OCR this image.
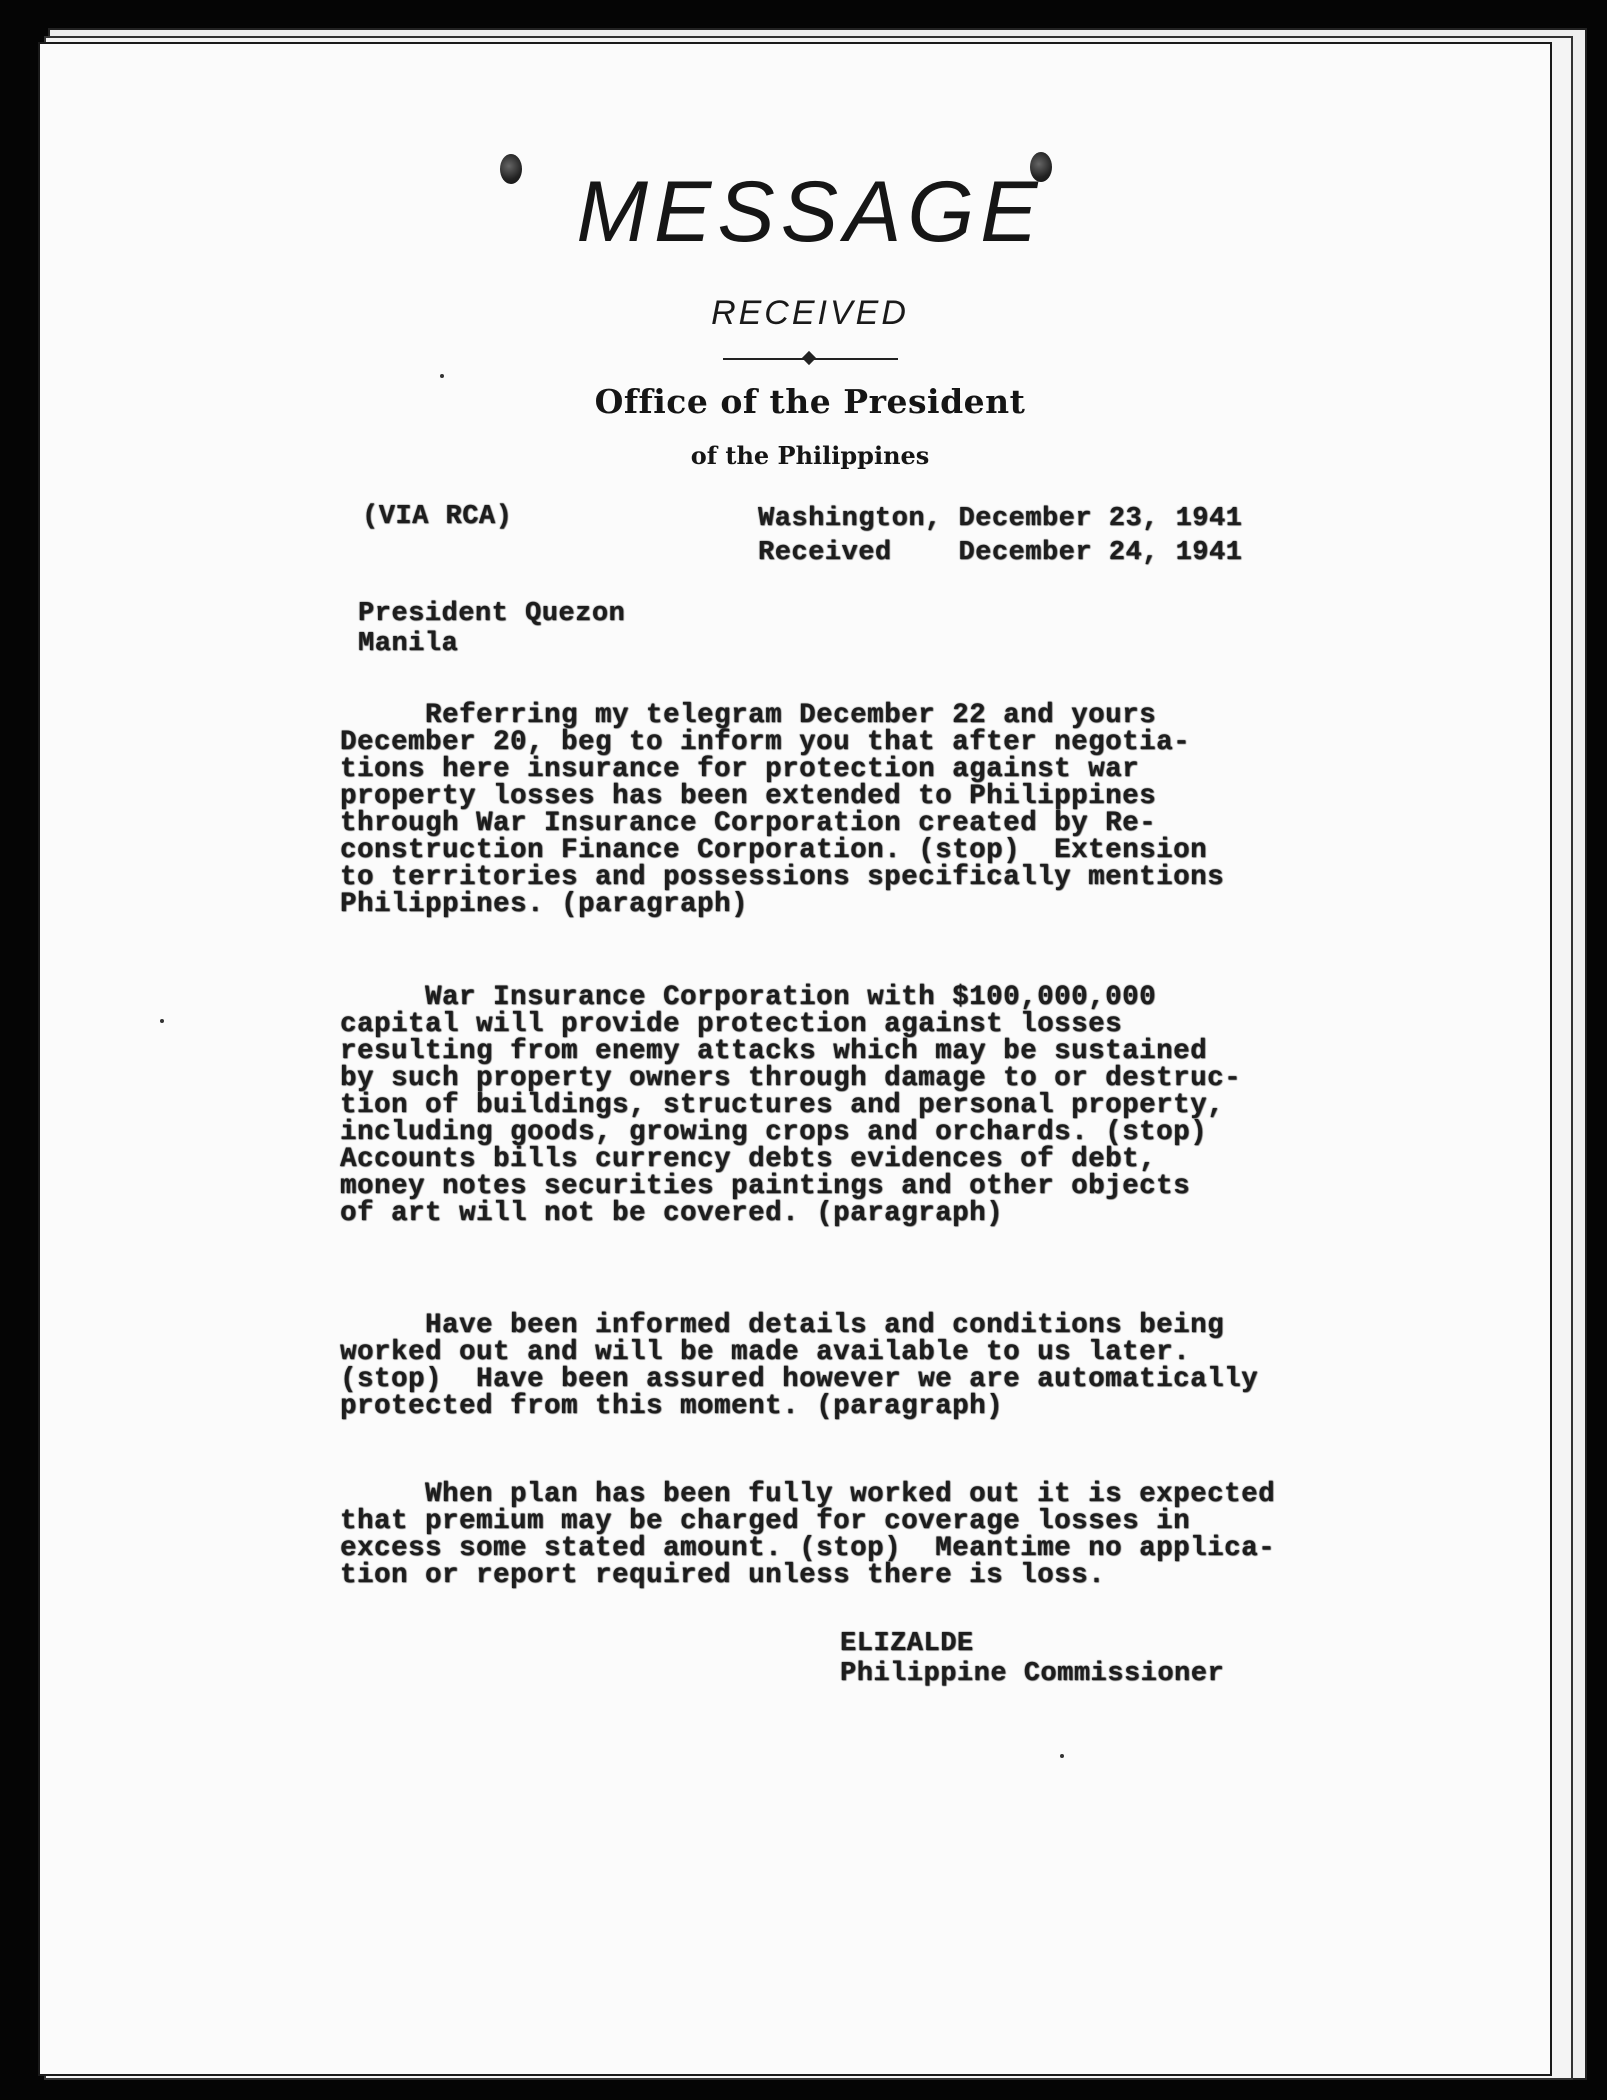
MESSAGE
RECEIVED
Office of the President
of the Philippines
(VIA RCA)	Washington, December 23, 1941
Received December 24, 1941
President Quezon
Manila

Referring my telegram December 22 and yours
December 20, beg to inform you that after negotia-
tions here insurance for protection against war
property losses has been extended to Philippines
through War Insurance Corporation created by Re-
construction Finance Corporation. (stop)  Extension
to territories and possessions specifically mentions
Philippines. (paragraph)

War Insurance Corporation with $100,000,000
capital will provide protection against losses
resulting from enemy attacks which may be sustained
by such property owners through damage to or destruc-
tion of buildings, structures and personal property,
including goods, growing crops and orchards. (stop)
Accounts bills currency debts evidences of debt,
money notes securities paintings and other objects
of art will not be covered. (paragraph)

Have been informed details and conditions being
worked out and will be made available to us later.
(stop)  Have been assured however we are automatically
protected from this moment. (paragraph)

When plan has been fully worked out it is expected
that premium may be charged for coverage losses in
excess some stated amount. (stop)  Meantime no applica-
tion or report required unless there is loss.

ELIZALDE
Philippine Commissioner
